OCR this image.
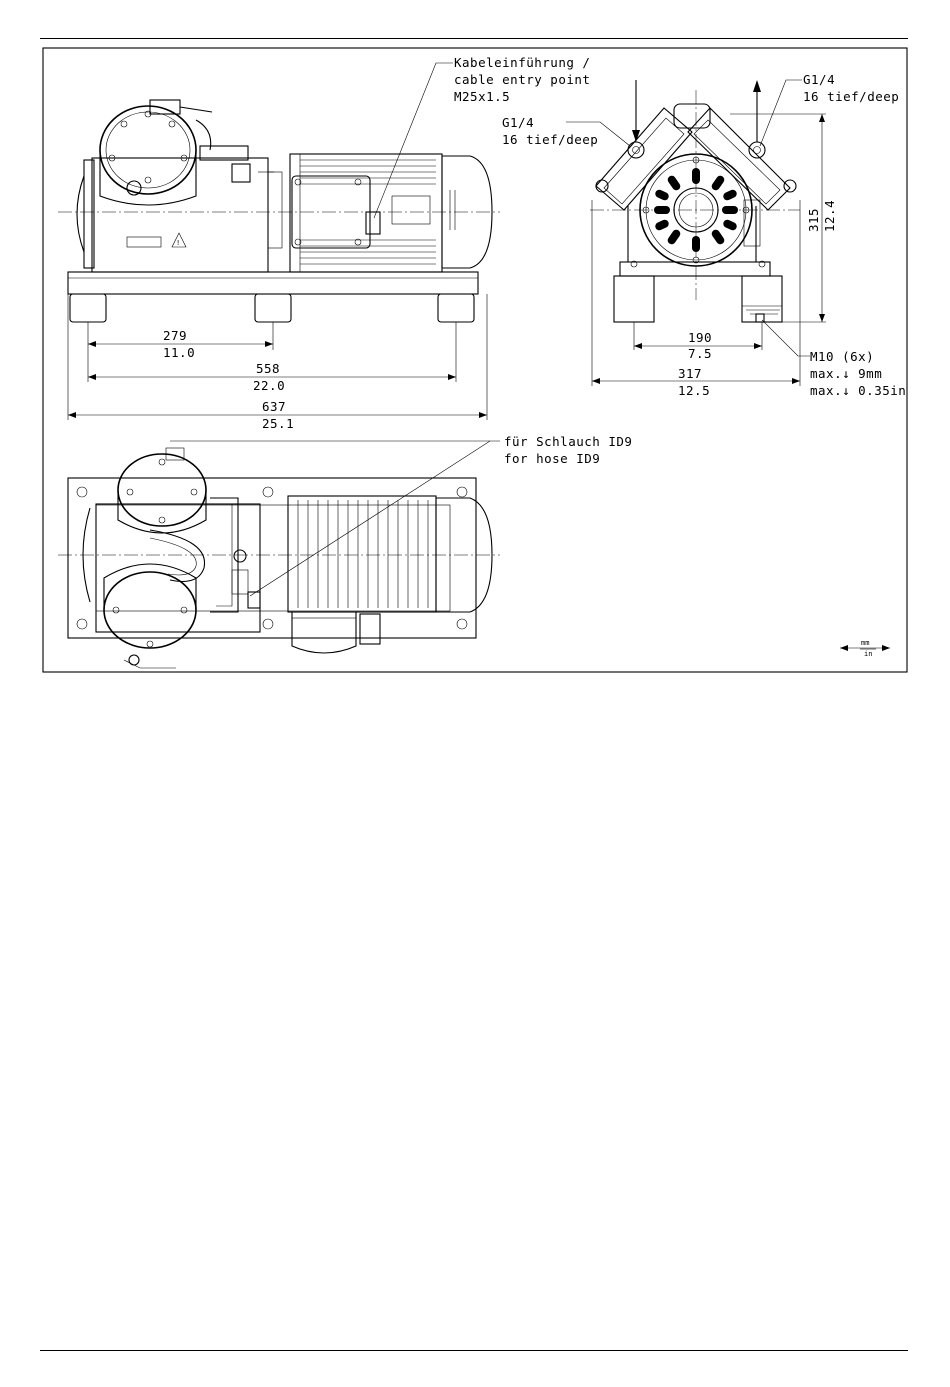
!
279
11.0
558
22.0
637
25.1
Kabeleinführung /
cable entry point
M25x1.5
G1/4
16 tief/deep
G1/4
16 tief/deep
190
7.5
317
12.5
315 12.4
M10 (6x)
max.↓ 9mm
max.↓ 0.35in
für Schlauch ID9
for hose ID9
mm
in
